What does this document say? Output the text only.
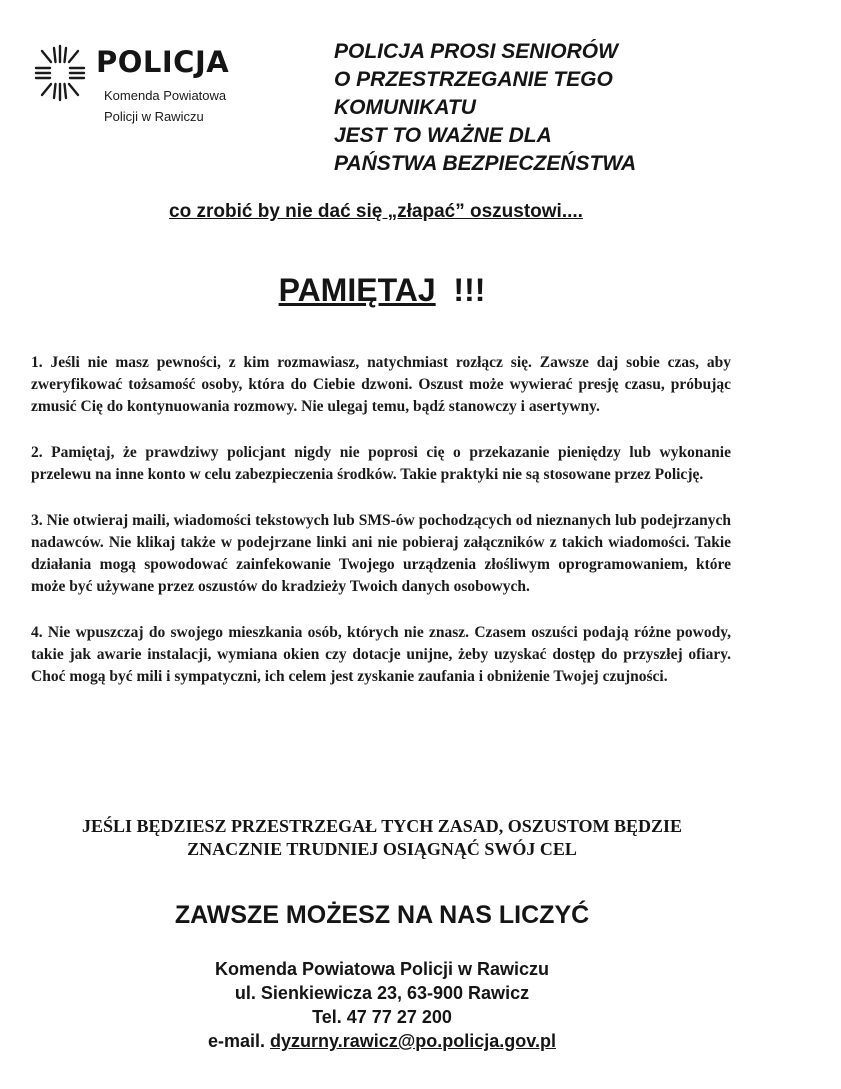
POLICJA
Komenda Powiatowa
Policji w Rawiczu
POLICJA PROSI SENIORÓW
O PRZESTRZEGANIE TEGO
KOMUNIKATU
JEST TO WAŻNE DLA
PAŃSTWA BEZPIECZEŃSTWA
co zrobić by nie dać się „złapać” oszustowi....
PAMIĘTAJ !!!

1. Jeśli nie masz pewności, z kim rozmawiasz, natychmiast rozłącz się. Zawsze daj sobie czas, aby zweryfikować tożsamość osoby, która do Ciebie dzwoni. Oszust może wywierać presję czasu, próbując zmusić Cię do kontynuowania rozmowy. Nie ulegaj temu, bądź stanowczy i asertywny.

2. Pamiętaj, że prawdziwy policjant nigdy nie poprosi cię o przekazanie pieniędzy lub wykonanie przelewu na inne konto w celu zabezpieczenia środków. Takie praktyki nie są stosowane przez Policję.

3. Nie otwieraj maili, wiadomości tekstowych lub SMS-ów pochodzących od nieznanych lub podejrzanych nadawców. Nie klikaj także w podejrzane linki ani nie pobieraj załączników z takich wiadomości. Takie działania mogą spowodować zainfekowanie Twojego urządzenia złośliwym oprogramowaniem, które może być używane przez oszustów do kradzieży Twoich danych osobowych.

4. Nie wpuszczaj do swojego mieszkania osób, których nie znasz. Czasem oszuści podają różne powody, takie jak awarie instalacji, wymiana okien czy dotacje unijne, żeby uzyskać dostęp do przyszłej ofiary. Choć mogą być mili i sympatyczni, ich celem jest zyskanie zaufania i obniżenie Twojej czujności.

JEŚLI BĘDZIESZ PRZESTRZEGAŁ TYCH ZASAD, OSZUSTOM BĘDZIE
ZNACZNIE TRUDNIEJ OSIĄGNĄĆ SWÓJ CEL
ZAWSZE MOŻESZ NA NAS LICZYĆ
Komenda Powiatowa Policji w Rawiczu
ul. Sienkiewicza 23, 63-900 Rawicz
Tel. 47 77 27 200
e-mail. dyzurny.rawicz@po.policja.gov.pl
